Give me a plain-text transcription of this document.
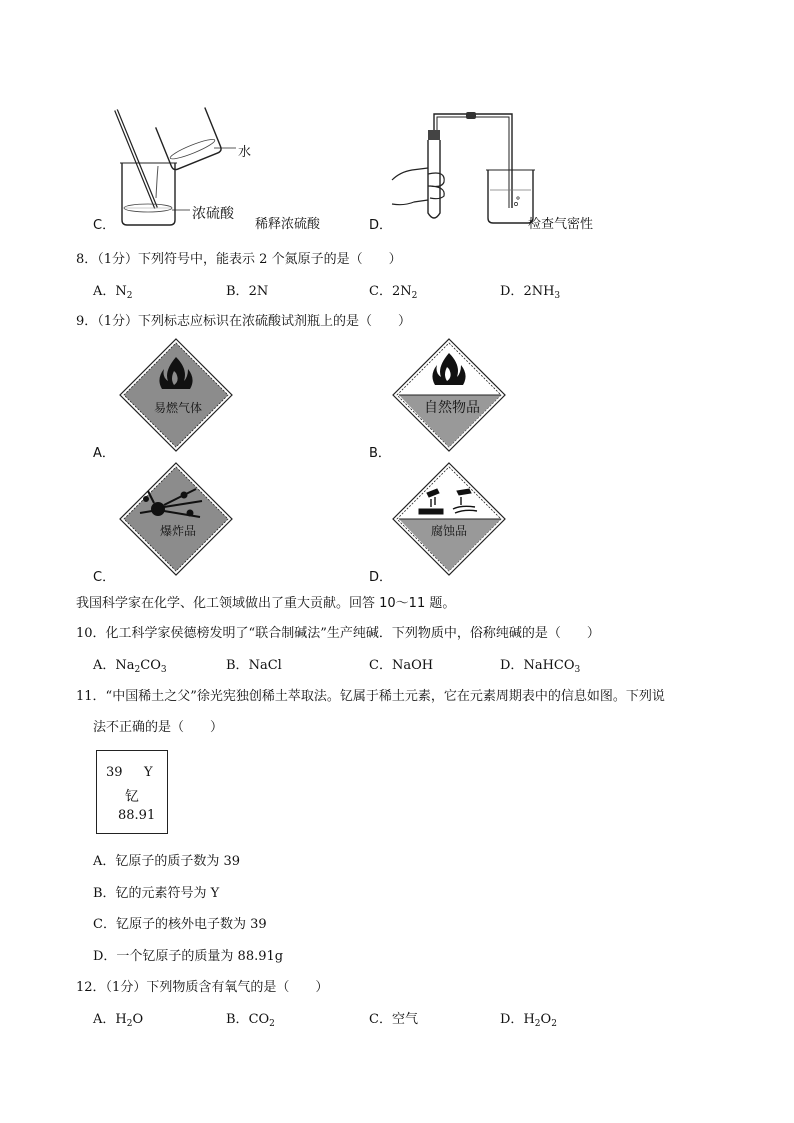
C．
水
浓硫酸
稀释浓硫酸	D．	检查气密性
8．（1分）下列符号中，能表示 2 个氮原子的是（　　）
A．$N_2$	B．2N	C．$2N_2$	D．$2NH_3$
9．（1分）下列标志应标识在浓硫酸试剂瓶上的是（　　）
易燃气体
A．
自然物品
B．
爆炸品
C．
腐蚀品
D．
我国科学家在化学、化工领域做出了重大贡献。回答 10～11 题。
10．化工科学家侯德榜发明了“联合制碱法”生产纯碱．下列物质中，俗称纯碱的是（　　）
A．$Na_2CO_3$	B．NaCl	C．NaOH	D．NaHCO$_3$
11．“中国稀土之父”徐光宪独创稀土萃取法。钇属于稀土元素，它在元素周期表中的信息如图。下列说
法不正确的是（　　）
39 Y
钇
88.91
A．钇原子的质子数为 39
B．钇的元素符号为 Y
C．钇原子的核外电子数为 39
D．一个钇原子的质量为 88.91g
12．（1分）下列物质含有氧气的是（　　）
A．$H_2O$	B．$CO_2$	C．空气	D．$H_2O_2$
